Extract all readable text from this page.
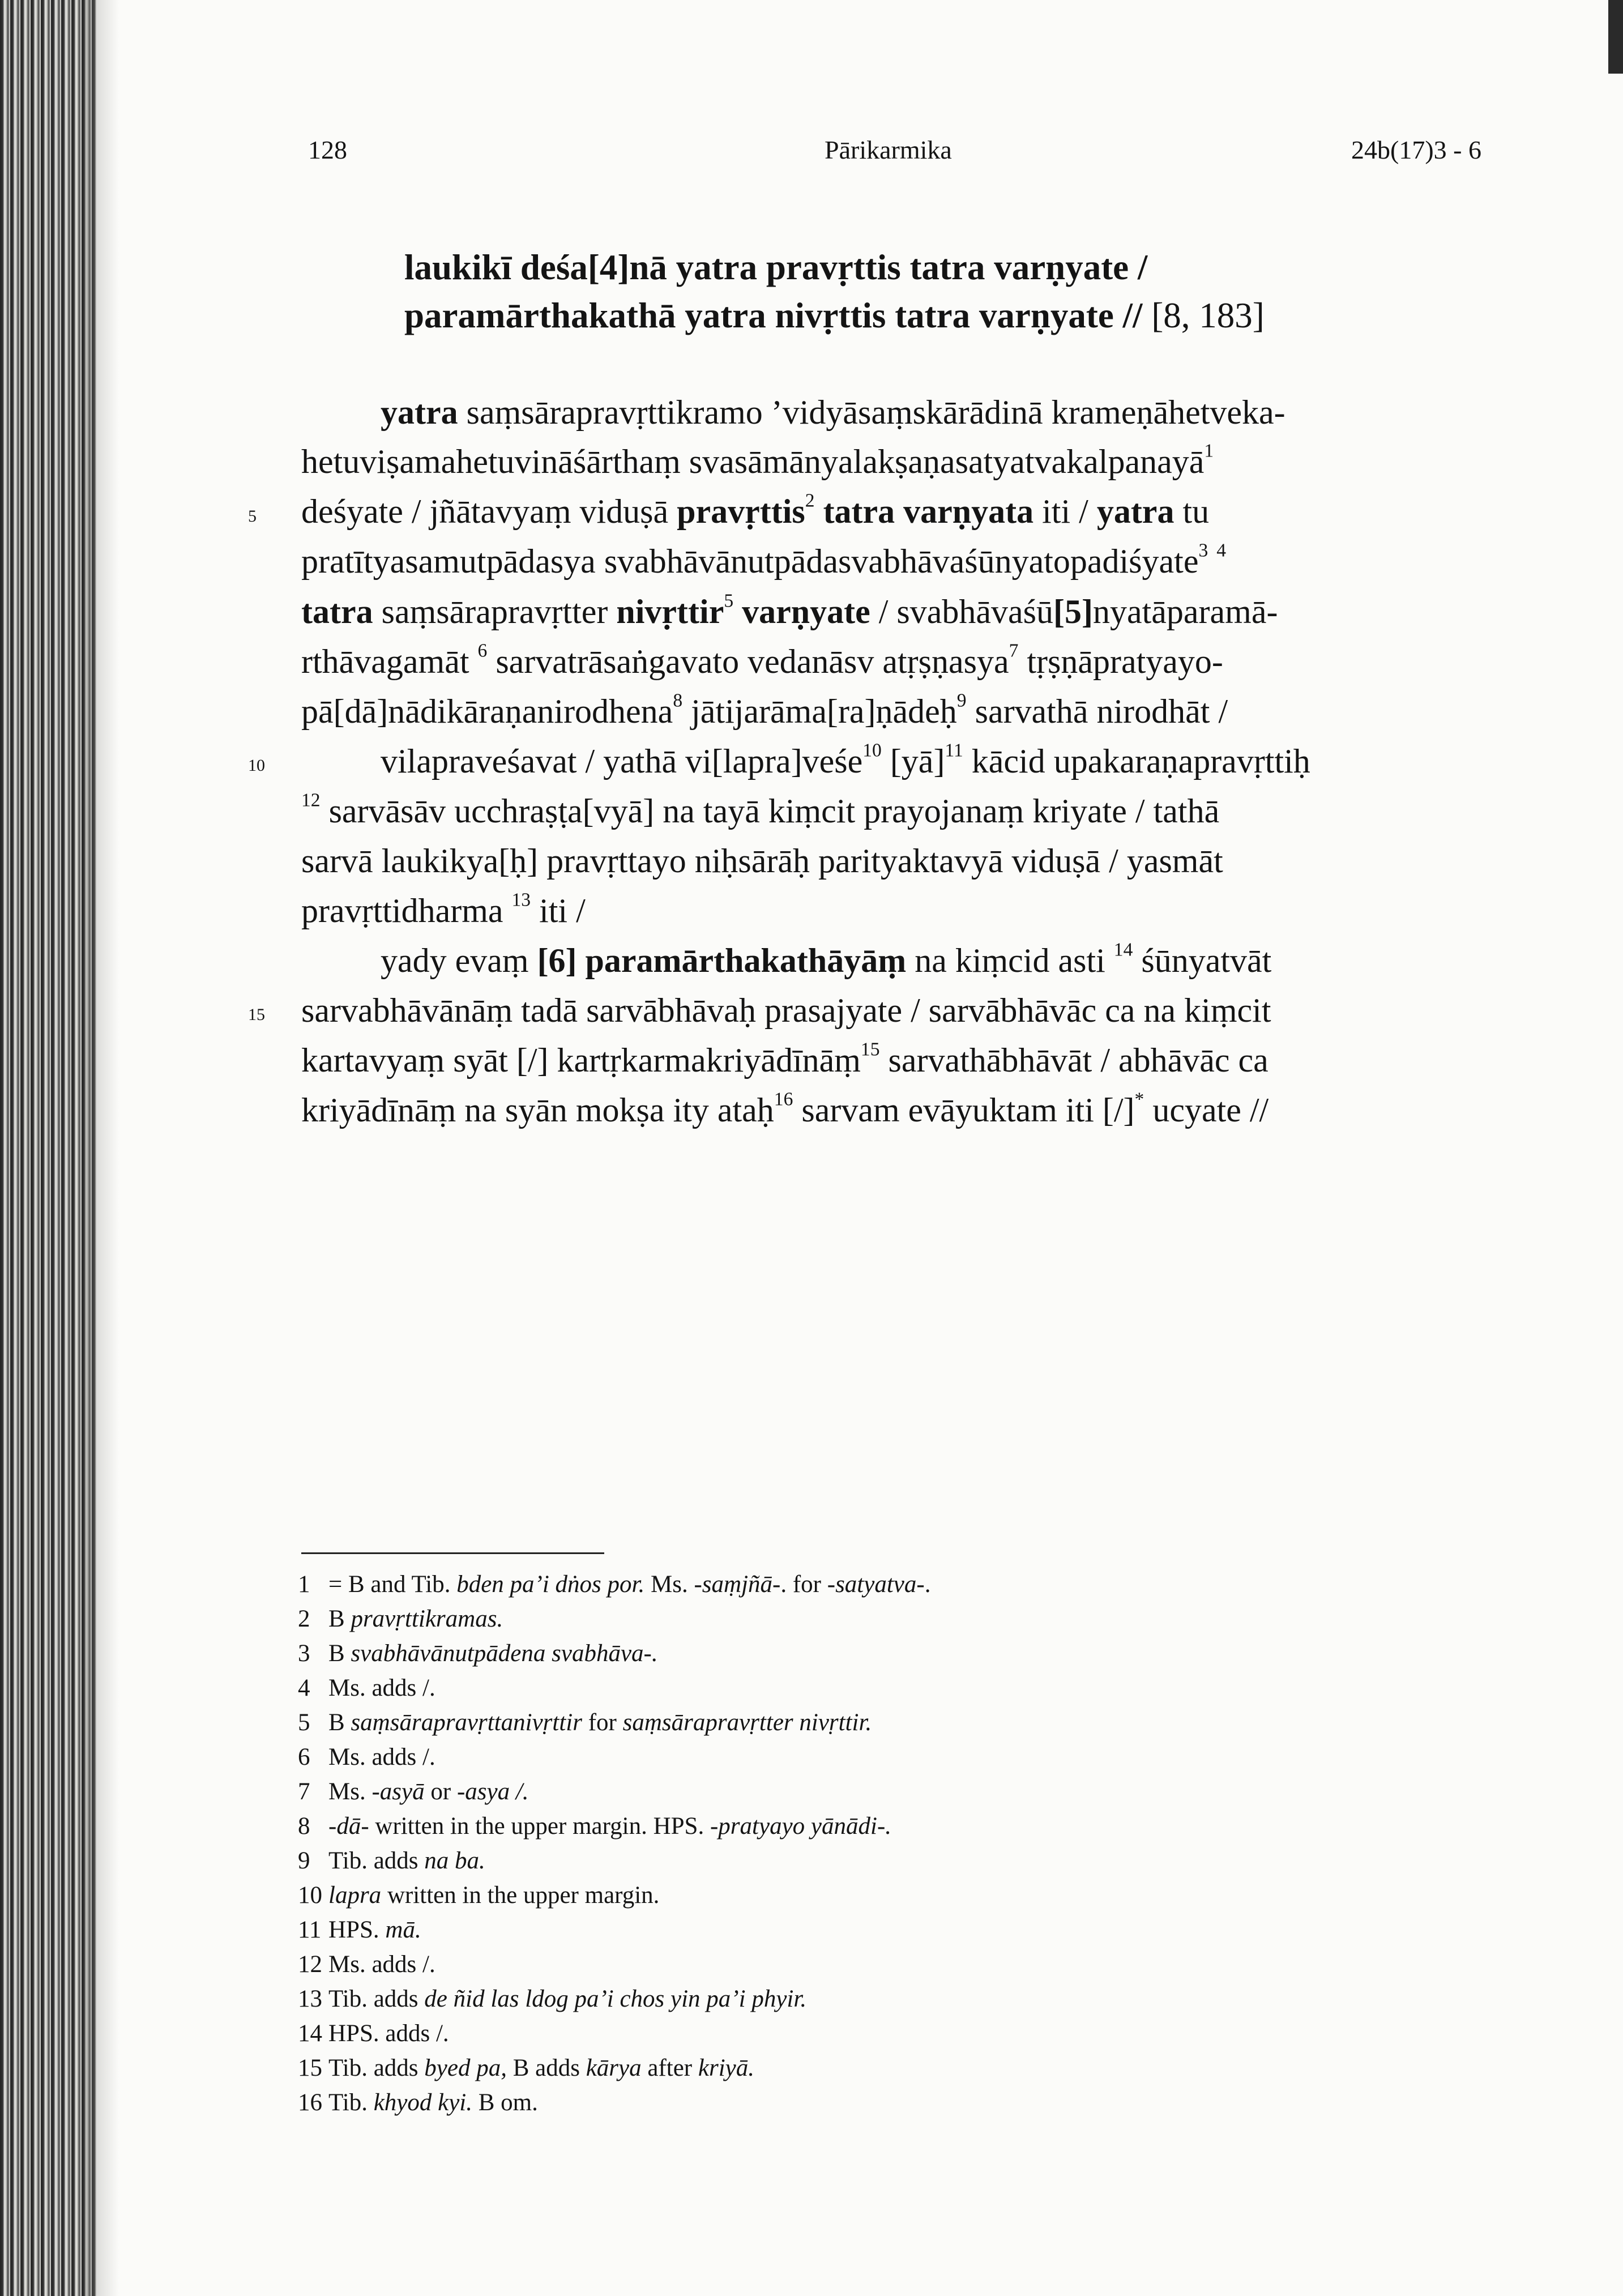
128	Pārikarmika	24b(17)3 - 6
laukikī deśa[4]nā yatra pravṛttis tatra varṇyate /
paramārthakathā yatra nivṛttis tatra varṇyate // [8, 183]
yatra saṃsārapravṛttikramo ’vidyāsaṃskārādinā krameṇāhetveka-
hetuviṣamahetuvināśārthaṃ svasāmānyalakṣaṇasatyatvakalpanayā$^1$
deśyate / jñātavyaṃ viduṣā pravṛttis$^2$ tatra varṇyata iti / yatra tu
pratītyasamutpādasya svabhāvānutpādasvabhāvaśūnyatopadiśyate$^3$ $^4$
tatra saṃsārapravṛtter nivṛttir$^5$ varṇyate / svabhāvaśū[5]nyatāparamā-
rthāvagamāt $^6$ sarvatrāsaṅgavato vedanāsv atṛṣṇasya$^7$ tṛṣṇāpratyayo-
pā[dā]nādikāraṇanirodhena$^8$ jātijarāma[ra]ṇādeḥ$^9$ sarvathā nirodhāt /
vilapraveśavat / yathā vi[lapra]veśe$^{10}$ [yā]$^{11}$ kācid upakaraṇapravṛttiḥ
$^{12}$ sarvāsāv ucchraṣṭa[vyā] na tayā kiṃcit prayojanaṃ kriyate / tathā
sarvā laukikya[ḥ] pravṛttayo niḥsārāḥ parityaktavyā viduṣā / yasmāt
pravṛttidharma $^{13}$ iti /
yady evaṃ [6] paramārthakathāyāṃ na kiṃcid asti $^{14}$ śūnyatvāt
sarvabhāvānāṃ tadā sarvābhāvaḥ prasajyate / sarvābhāvāc ca na kiṃcit
kartavyaṃ syāt [/] kartṛkarmakriyādīnāṃ$^{15}$ sarvathābhāvāt / abhāvāc ca
kriyādīnāṃ na syān mokṣa ity ataḥ$^{16}$ sarvam evāyuktam iti [/]* ucyate //
5
10
15
1 = B and Tib. bden pa’i dṅos por. Ms. -saṃjñā-. for -satyatva-.
2 B pravṛttikramas.
3 B svabhāvānutpādena svabhāva-.
4 Ms. adds /.
5 B saṃsārapravṛttanivṛttir for saṃsārapravṛtter nivṛttir.
6 Ms. adds /.
7 Ms. -asyā or -asya /.
8 -dā- written in the upper margin. HPS. -pratyayo yānādi-.
9 Tib. adds na ba.
10 lapra written in the upper margin.
11 HPS. mā.
12 Ms. adds /.
13 Tib. adds de ñid las ldog pa’i chos yin pa’i phyir.
14 HPS. adds /.
15 Tib. adds byed pa, B adds kārya after kriyā.
16 Tib. khyod kyi. B om.
